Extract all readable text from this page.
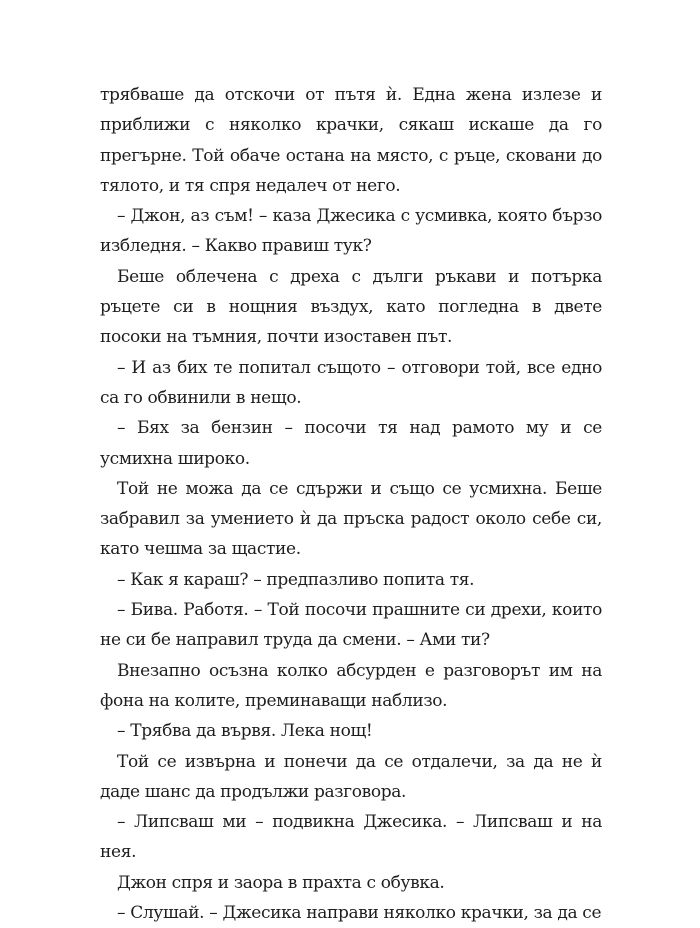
трябваше да отскочи от пътя ѝ. Една жена излезе и приближи с няколко крачки, сякаш искаше да го прегърне. Той обаче остана на място, с ръце, сковани до тялото, и тя спря недалеч от него.

– Джон, аз съм! – каза Джесика с усмивка, която бързо избледня. – Какво правиш тук?

Беше облечена с дреха с дълги ръкави и потърка ръцете си в нощния въздух, като погледна в двете посоки на тъмния, почти изоставен път.

– И аз бих те попитал същото – отговори той, все едно са го обвинили в нещо.

– Бях за бензин – посочи тя над рамото му и се усмихна широко.

Той не можа да се сдържи и също се усмихна. Беше забравил за умението ѝ да пръска радост около себе си, като чешма за щастие.

– Как я караш? – предпазливо попита тя.

– Бива. Работя. – Той посочи прашните си дрехи, които не си бе направил труда да смени. – Ами ти?

Внезапно осъзна колко абсурден е разговорът им на фона на колите, преминаващи наблизо.

– Трябва да вървя. Лека нощ!

Той се извърна и понечи да се отдалечи, за да не ѝ даде шанс да продължи разговора.

– Липсваш ми – подвикна Джесика. – Липсваш и на нея.

Джон спря и заора в прахта с обувка.

– Слушай. – Джесика направи няколко крачки, за да се
